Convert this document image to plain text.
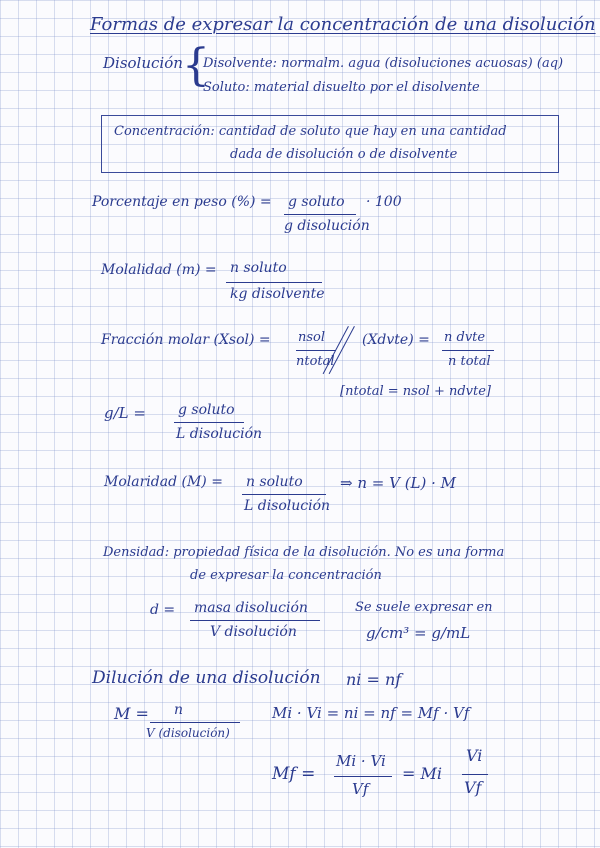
Formas de expresar la concentración de una disolución
Disolución {
Disolvente: normalm. agua (disoluciones acuosas) (aq)
Soluto: material disuelto por el disolvente
Concentración: cantidad de soluto que hay en una cantidad
dada de disolución o de disolvente
Porcentaje en peso (%) = g soluto · 100
g disolución
Molalidad (m) = n soluto
kg disolvente
Fracción molar (Xsol) = nsol
ntotal
(Xdvte) = n dvte
n total
[ntotal = nsol + ndvte]
g/L = g soluto
L disolución
Molaridad (M) = n soluto
L disolución
⇒ n = V (L) · M
Densidad: propiedad física de la disolución. No es una forma
de expresar la concentración
d = masa disolución
V disolución
Se suele expresar en
g/cm³ = g/mL
Dilución de una disolución ni = nf
M = n
V (disolución)
Mi · Vi = ni = nf = Mf · Vf
Mf =
Mi · Vi
Vf
= Mi
Vi
Vf
